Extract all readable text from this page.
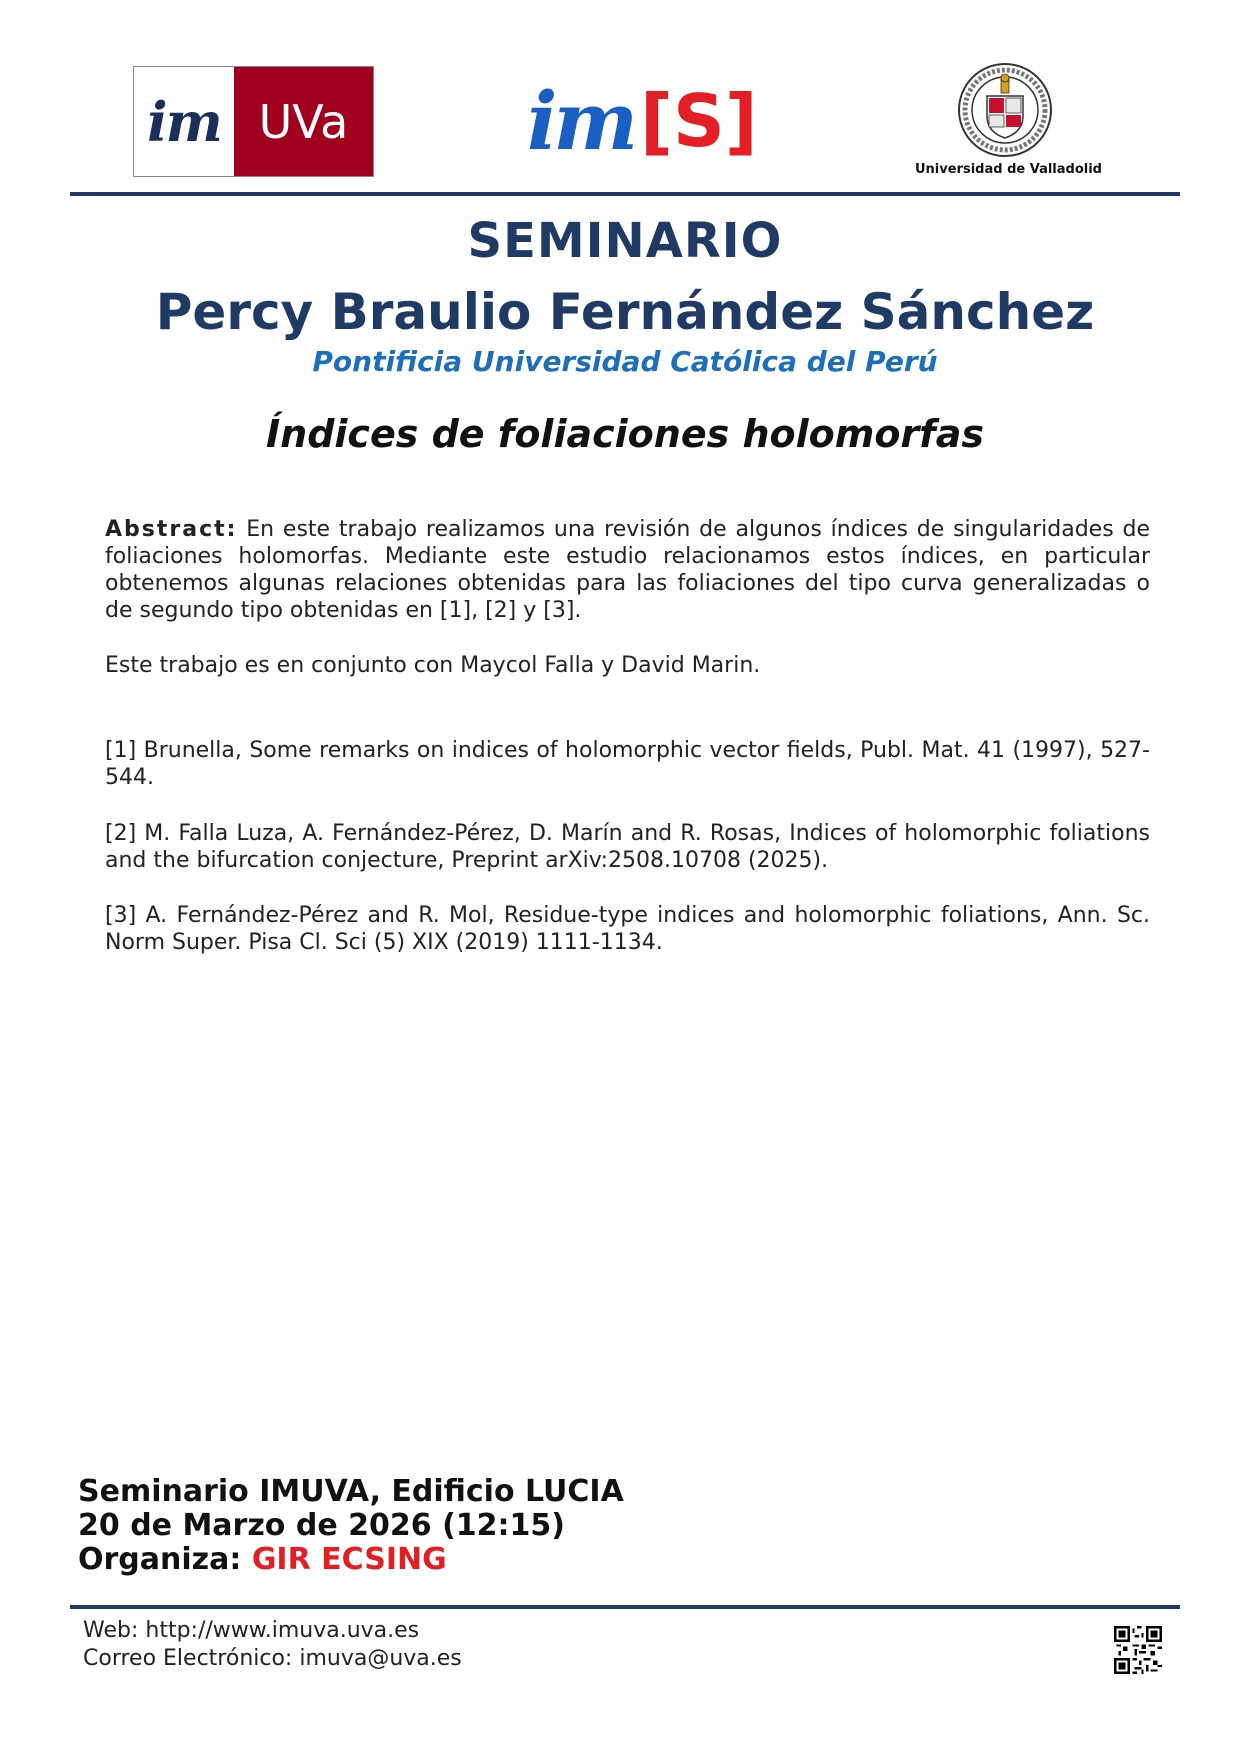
im UVa im [S]
Universidad de Valladolid
SEMINARIO
Percy Braulio Fernández Sánchez
Pontificia Universidad Católica del Perú
Índices de foliaciones holomorfas
Abstract: En este trabajo realizamos una revisión de algunos índices de singularidades de foliaciones holomorfas. Mediante este estudio relacionamos estos índices, en particular obtenemos algunas relaciones obtenidas para las foliaciones del tipo curva generalizadas o de segundo tipo obtenidas en [1], [2] y [3].
Este trabajo es en conjunto con Maycol Falla y David Marin.
[1] Brunella, Some remarks on indices of holomorphic vector fields, Publ. Mat. 41 (1997), 527-544.
[2] M. Falla Luza, A. Fernández-Pérez, D. Marín and R. Rosas, Indices of holomorphic foliations and the bifurcation conjecture, Preprint arXiv:2508.10708 (2025).
[3] A. Fernández-Pérez and R. Mol, Residue-type indices and holomorphic foliations, Ann. Sc. Norm Super. Pisa Cl. Sci (5) XIX (2019) 1111-1134.
Seminario IMUVA, Edificio LUCIA
20 de Marzo de 2026 (12:15)
Organiza: GIR ECSING
Web: http://www.imuva.uva.es
Correo Electrónico: imuva@uva.es
